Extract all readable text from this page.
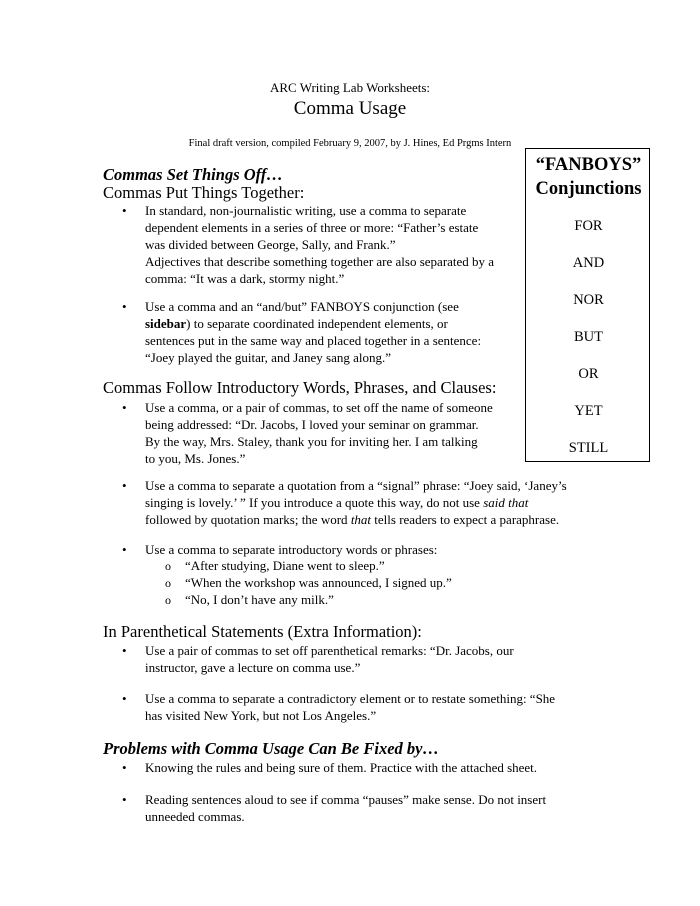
ARC Writing Lab Worksheets:
Comma Usage
Final draft version, compiled February 9, 2007, by J. Hines, Ed Prgms Intern
“FANBOYS”
Conjunctions
FOR
AND
NOR
BUT
OR
YET
STILL
Commas Set Things Off…
Commas Put Things Together:
• In standard, non-journalistic writing, use a comma to separate
dependent elements in a series of three or more: “Father’s estate
was divided between George, Sally, and Frank.”
Adjectives that describe something together are also separated by a
comma: “It was a dark, stormy night.”
• Use a comma and an “and/but” FANBOYS conjunction (see
sidebar) to separate coordinated independent elements, or
sentences put in the same way and placed together in a sentence:
“Joey played the guitar, and Janey sang along.”
Commas Follow Introductory Words, Phrases, and Clauses:
• Use a comma, or a pair of commas, to set off the name of someone
being addressed: “Dr. Jacobs, I loved your seminar on grammar.
By the way, Mrs. Staley, thank you for inviting her. I am talking
to you, Ms. Jones.”
• Use a comma to separate a quotation from a “signal” phrase: “Joey said, ‘Janey’s
singing is lovely.’ ” If you introduce a quote this way, do not use said that
followed by quotation marks; the word that tells readers to expect a paraphrase.
• Use a comma to separate introductory words or phrases:
o “After studying, Diane went to sleep.”
o “When the workshop was announced, I signed up.”
o “No, I don’t have any milk.”
In Parenthetical Statements (Extra Information):
• Use a pair of commas to set off parenthetical remarks: “Dr. Jacobs, our
instructor, gave a lecture on comma use.”
• Use a comma to separate a contradictory element or to restate something: “She
has visited New York, but not Los Angeles.”
Problems with Comma Usage Can Be Fixed by…
• Knowing the rules and being sure of them. Practice with the attached sheet.
• Reading sentences aloud to see if comma “pauses” make sense. Do not insert
unneeded commas.
